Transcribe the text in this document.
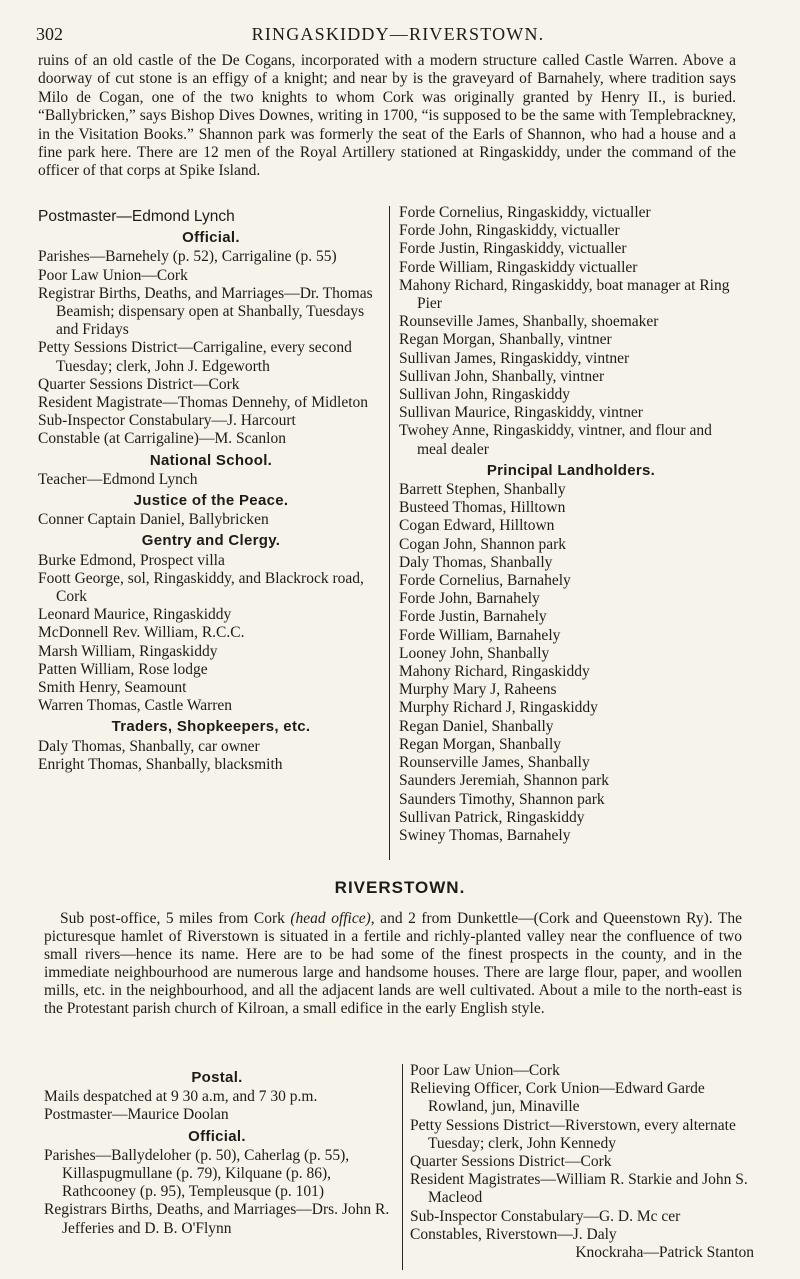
302	RINGASKIDDY—RIVERSTOWN.
ruins of an old castle of the De Cogans, incorporated with a modern structure called Castle Warren. Above a doorway of cut stone is an effigy of a knight; and near by is the graveyard of Barnahely, where tradition says Milo de Cogan, one of the two knights to whom Cork was originally granted by Henry II., is buried. “Ballybricken,” says Bishop Dives Downes, writing in 1700, “is supposed to be the same with Templebrackney, in the Visitation Books.” Shannon park was formerly the seat of the Earls of Shannon, who had a house and a fine park here. There are 12 men of the Royal Artillery stationed at Ringaskiddy, under the command of the officer of that corps at Spike Island.
Postmaster—Edmond Lynch
Official.
Parishes—Barnehely (p. 52), Carrigaline (p. 55)
Poor Law Union—Cork
Registrar Births, Deaths, and Marriages—Dr. Thomas Beamish; dispensary open at Shanbally, Tuesdays and Fridays
Petty Sessions District—Carrigaline, every second Tuesday; clerk, John J. Edgeworth
Quarter Sessions District—Cork
Resident Magistrate—Thomas Dennehy, of Midleton
Sub-Inspector Constabulary—J. Harcourt
Constable (at Carrigaline)—M. Scanlon
National School.
Teacher—Edmond Lynch
Justice of the Peace.
Conner Captain Daniel, Ballybricken
Gentry and Clergy.
Burke Edmond, Prospect villa
Foott George, sol, Ringaskiddy, and Blackrock road, Cork
Leonard Maurice, Ringaskiddy
McDonnell Rev. William, R.C.C.
Marsh William, Ringaskiddy
Patten William, Rose lodge
Smith Henry, Seamount
Warren Thomas, Castle Warren
Traders, Shopkeepers, etc.
Daly Thomas, Shanbally, car owner
Enright Thomas, Shanbally, blacksmith
Forde Cornelius, Ringaskiddy, victualler
Forde John, Ringaskiddy, victualler
Forde Justin, Ringaskiddy, victualler
Forde William, Ringaskiddy victualler
Mahony Richard, Ringaskiddy, boat manager at Ring Pier
Rounseville James, Shanbally, shoemaker
Regan Morgan, Shanbally, vintner
Sullivan James, Ringaskiddy, vintner
Sullivan John, Shanbally, vintner
Sullivan John, Ringaskiddy
Sullivan Maurice, Ringaskiddy, vintner
Twohey Anne, Ringaskiddy, vintner, and flour and meal dealer
Principal Landholders.
Barrett Stephen, Shanbally
Busteed Thomas, Hilltown
Cogan Edward, Hilltown
Cogan John, Shannon park
Daly Thomas, Shanbally
Forde Cornelius, Barnahely
Forde John, Barnahely
Forde Justin, Barnahely
Forde William, Barnahely
Looney John, Shanbally
Mahony Richard, Ringaskiddy
Murphy Mary J, Raheens
Murphy Richard J, Ringaskiddy
Regan Daniel, Shanbally
Regan Morgan, Shanbally
Rounserville James, Shanbally
Saunders Jeremiah, Shannon park
Saunders Timothy, Shannon park
Sullivan Patrick, Ringaskiddy
Swiney Thomas, Barnahely
RIVERSTOWN.
Sub post-office, 5 miles from Cork (head office), and 2 from Dunkettle—(Cork and Queenstown Ry). The picturesque hamlet of Riverstown is situated in a fertile and richly-planted valley near the confluence of two small rivers—hence its name. Here are to be had some of the finest prospects in the county, and in the immediate neighbourhood are numerous large and handsome houses. There are large flour, paper, and woollen mills, etc. in the neighbourhood, and all the adjacent lands are well cultivated. About a mile to the north-east is the Protestant parish church of Kilroan, a small edifice in the early English style.
Postal.
Mails despatched at 9 30 a.m, and 7 30 p.m.
Postmaster—Maurice Doolan
Official.
Parishes—Ballydeloher (p. 50), Caherlag (p. 55), Killaspugmullane (p. 79), Kilquane (p. 86), Rathcooney (p. 95), Templeusque (p. 101)
Registrars Births, Deaths, and Marriages—Drs. John R. Jefferies and D. B. O'Flynn
Poor Law Union—Cork
Relieving Officer, Cork Union—Edward Garde Rowland, jun, Minaville
Petty Sessions District—Riverstown, every alternate Tuesday; clerk, John Kennedy
Quarter Sessions District—Cork
Resident Magistrates—William R. Starkie and John S. Macleod
Sub-Inspector Constabulary—G. D. Mc cer
Constables, Riverstown—J. Daly
Knockraha—Patrick Stanton
